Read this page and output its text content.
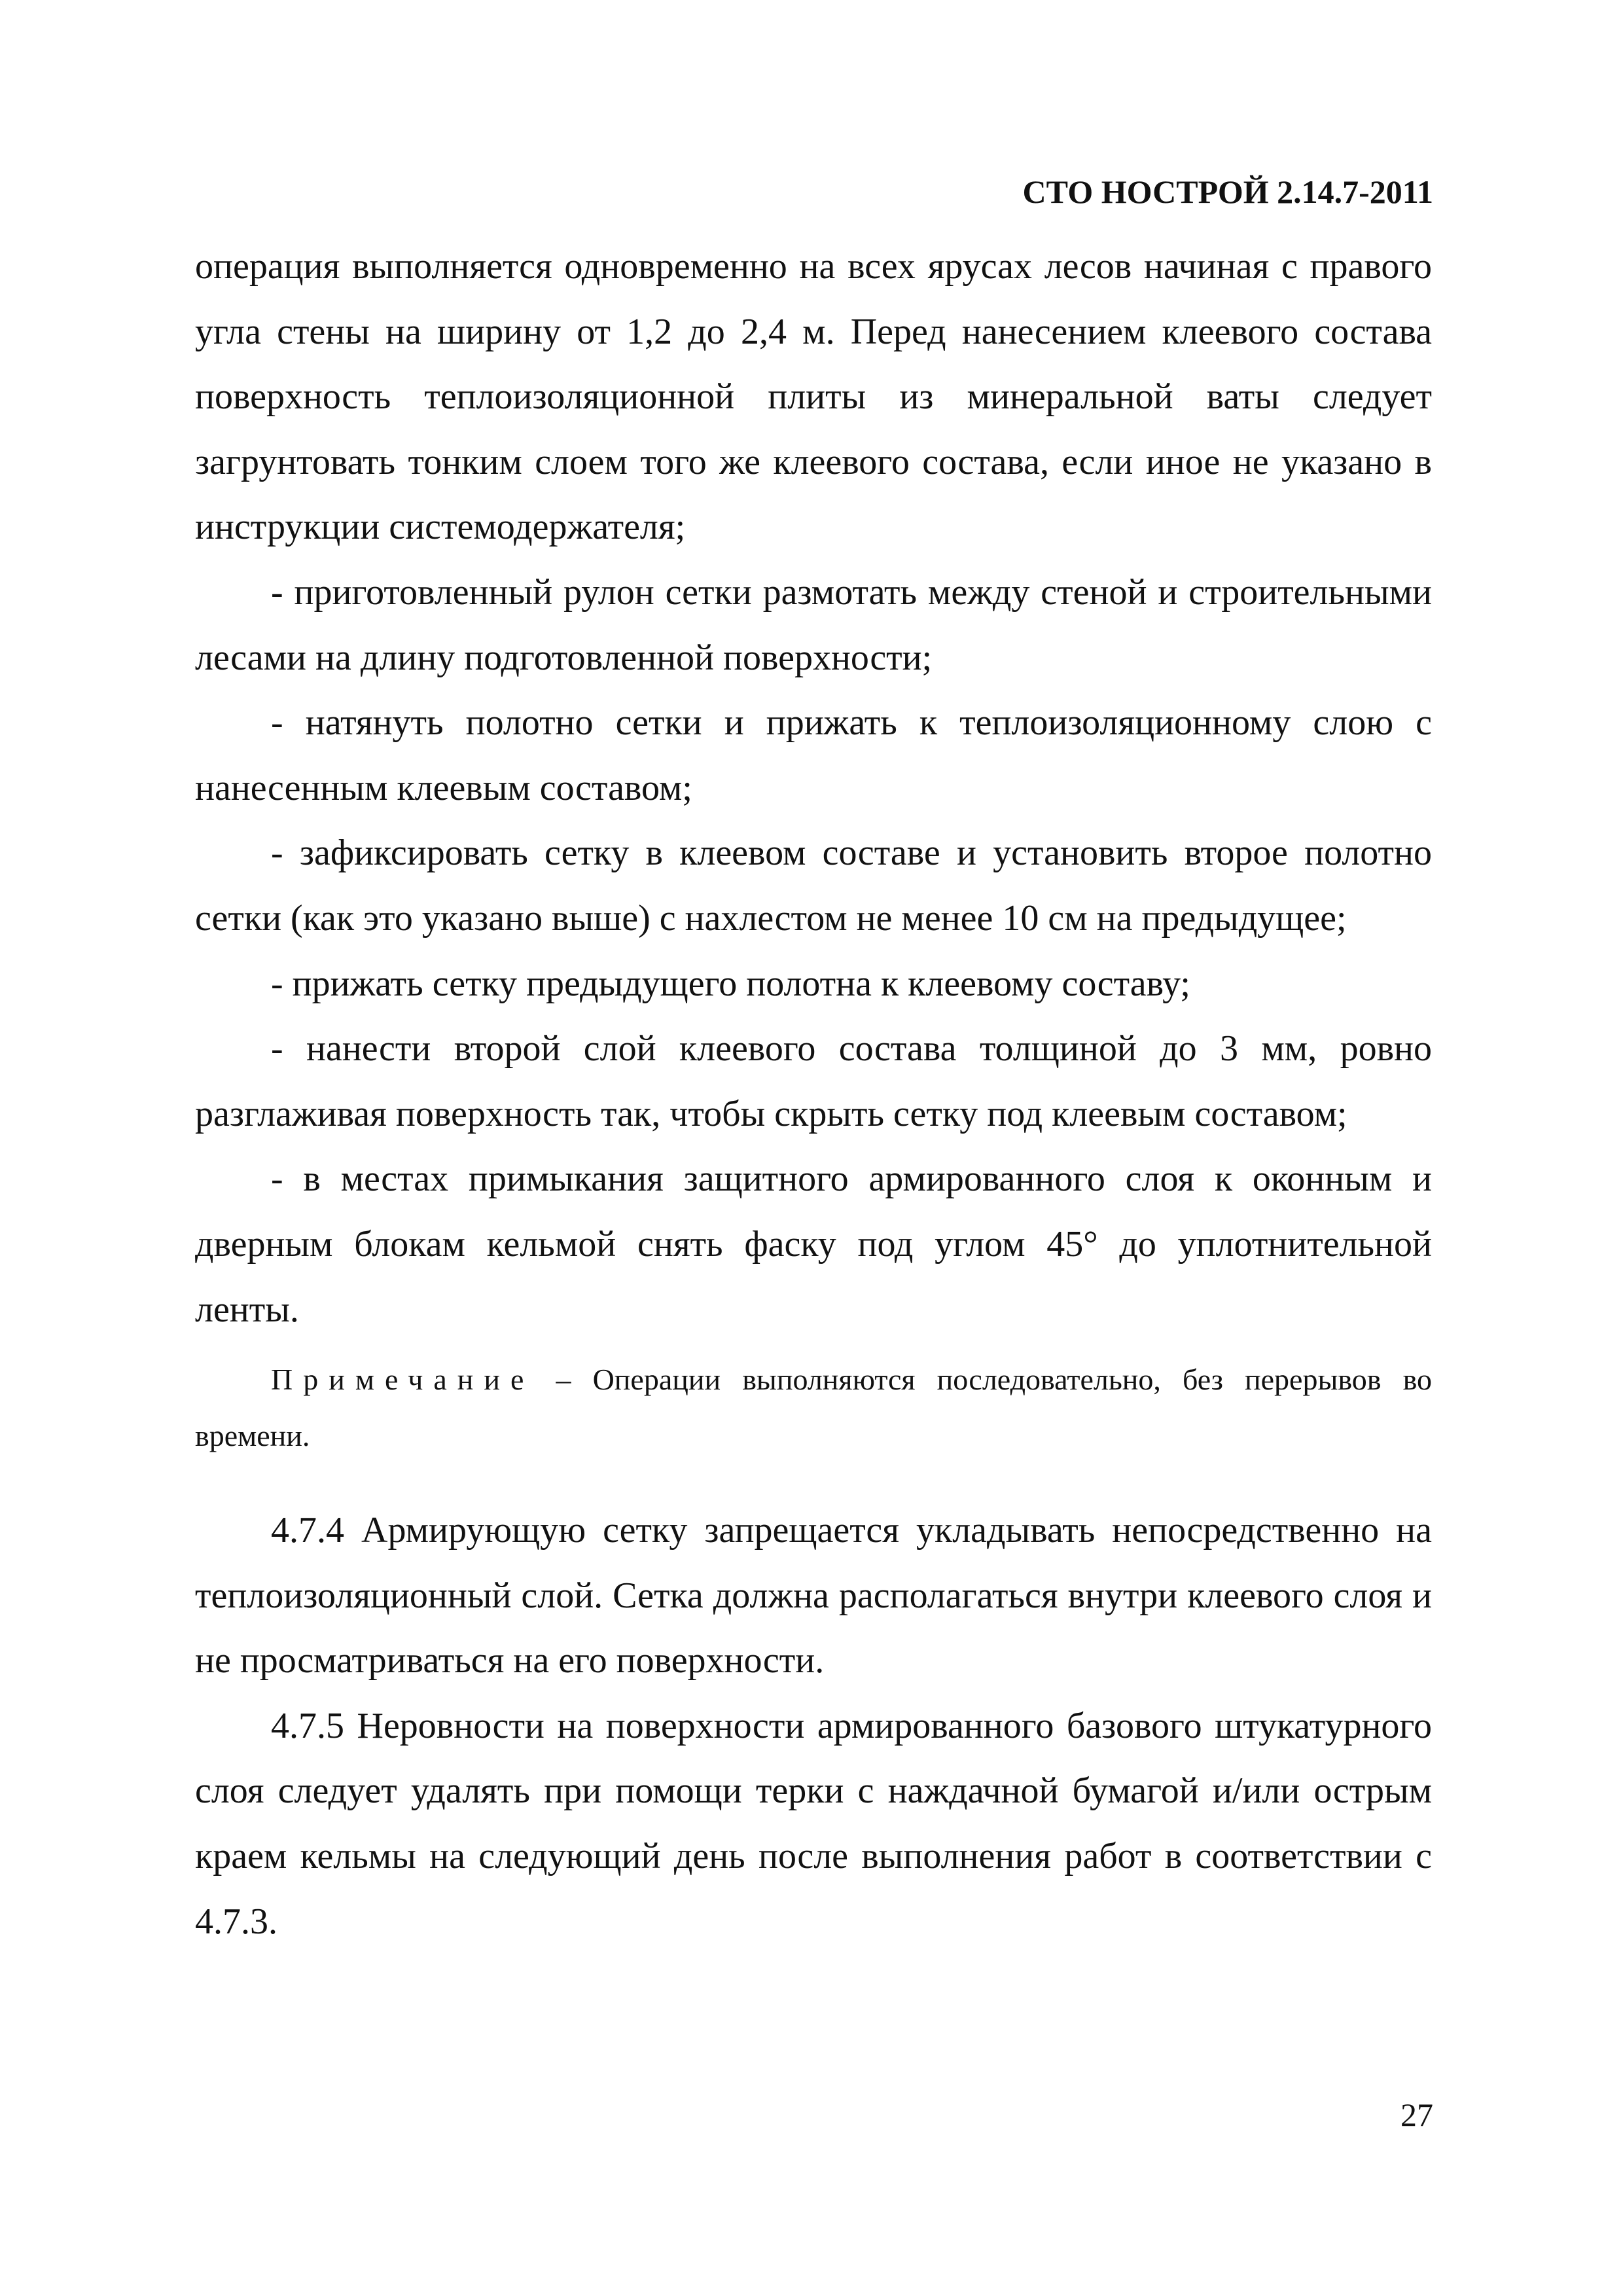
СТО НОСТРОЙ 2.14.7-2011

операция выполняется одновременно на всех ярусах лесов начиная с правого угла стены на ширину от 1,2 до 2,4 м. Перед нанесением клеевого состава поверхность теплоизоляционной плиты из минеральной ваты следует загрунтовать тонким слоем того же клеевого состава, если иное не указано в инструкции системодержателя;

- приготовленный рулон сетки размотать между стеной и строительными лесами на длину подготовленной поверхности;

- натянуть полотно сетки и прижать к теплоизоляционному слою с нанесенным клеевым составом;

- зафиксировать сетку в клеевом составе и установить второе полотно сетки (как это указано выше) с нахлестом не менее 10 см на предыдущее;

- прижать сетку предыдущего полотна к клеевому составу;

- нанести второй слой клеевого состава толщиной до 3 мм, ровно разглаживая поверхность так, чтобы скрыть сетку под клеевым составом;

- в местах примыкания защитного армированного слоя к оконным и дверным блокам кельмой снять фаску под углом 45° до уплотнительной ленты.

Примечание – Операции выполняются последовательно, без перерывов во времени.

4.7.4 Армирующую сетку запрещается укладывать непосредственно на теплоизоляционный слой. Сетка должна располагаться внутри клеевого слоя и не просматриваться на его поверхности.

4.7.5 Неровности на поверхности армированного базового штукатурного слоя следует удалять при помощи терки с наждачной бумагой и/или острым краем кельмы на следующий день после выполнения работ в соответствии с 4.7.3.

27
